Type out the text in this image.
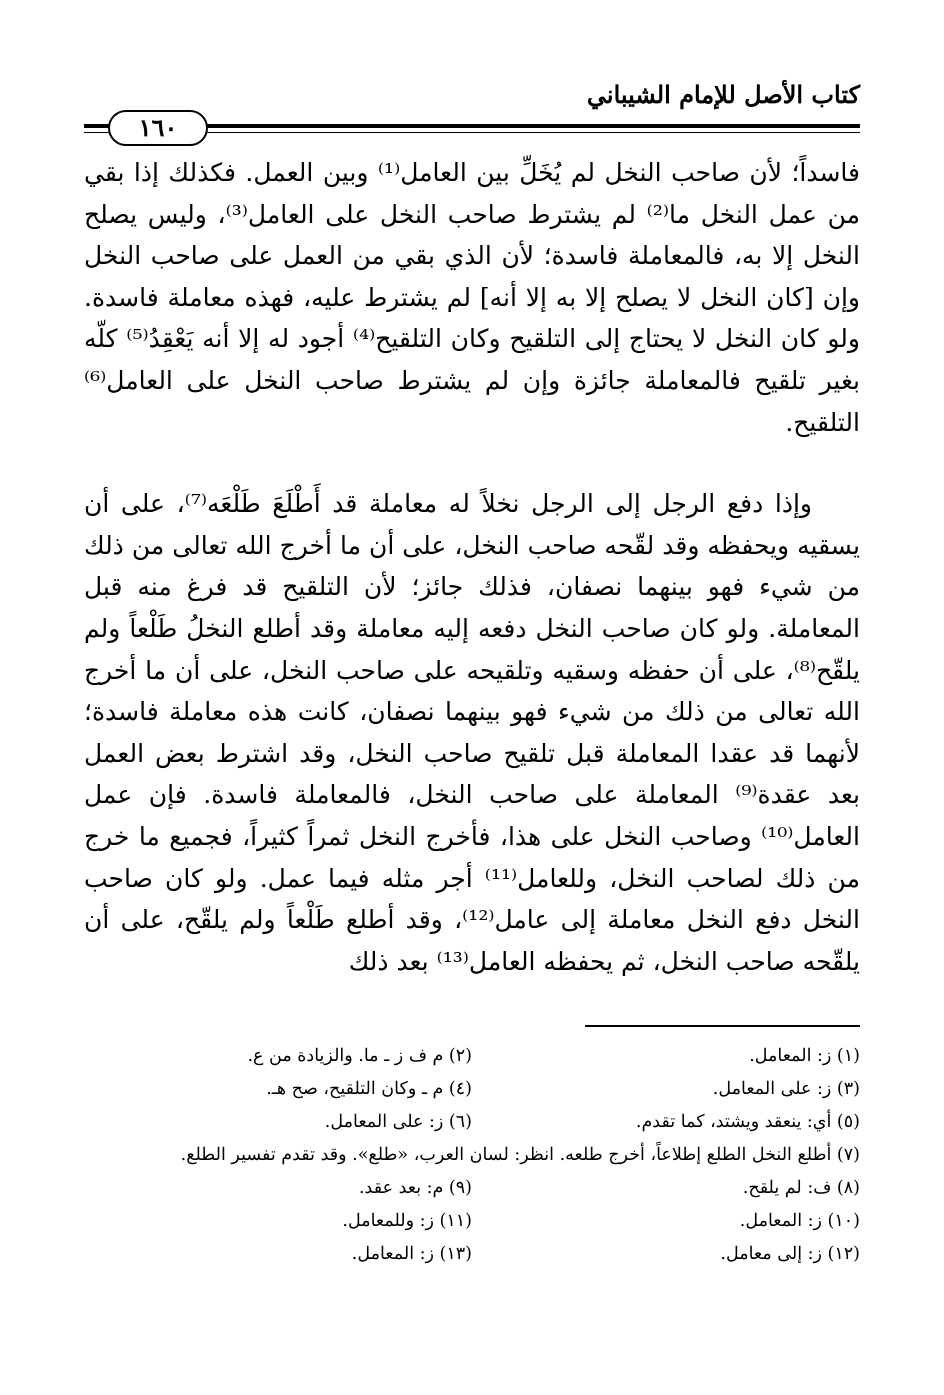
كتاب الأصل للإمام الشيباني
١٦٠

فاسداً؛ لأن صاحب النخل لم يُخَلِّ بين العامل⁽¹⁾ وبين العمل. فكذلك إذا بقي من عمل النخل ما⁽²⁾ لم يشترط صاحب النخل على العامل⁽³⁾، وليس يصلح النخل إلا به، فالمعاملة فاسدة؛ لأن الذي بقي من العمل على صاحب النخل وإن [كان النخل لا يصلح إلا به إلا أنه] لم يشترط عليه، فهذه معاملة فاسدة. ولو كان النخل لا يحتاج إلى التلقيح وكان التلقيح⁽⁴⁾ أجود له إلا أنه يَعْقِدُ⁽⁵⁾ كلّه بغير تلقيح فالمعاملة جائزة وإن لم يشترط صاحب النخل على العامل⁽⁶⁾ التلقيح.

وإذا دفع الرجل إلى الرجل نخلاً له معاملة قد أَطْلَعَ طَلْعَه⁽⁷⁾، على أن يسقيه ويحفظه وقد لقّحه صاحب النخل، على أن ما أخرج الله تعالى من ذلك من شيء فهو بينهما نصفان، فذلك جائز؛ لأن التلقيح قد فرغ منه قبل المعاملة. ولو كان صاحب النخل دفعه إليه معاملة وقد أطلع النخلُ طَلْعاً ولم يلقّح⁽⁸⁾، على أن حفظه وسقيه وتلقيحه على صاحب النخل، على أن ما أخرج الله تعالى من ذلك من شيء فهو بينهما نصفان، كانت هذه معاملة فاسدة؛ لأنهما قد عقدا المعاملة قبل تلقيح صاحب النخل، وقد اشترط بعض العمل بعد عقدة⁽⁹⁾ المعاملة على صاحب النخل، فالمعاملة فاسدة. فإن عمل العامل⁽¹⁰⁾ وصاحب النخل على هذا، فأخرج النخل ثمراً كثيراً، فجميع ما خرج من ذلك لصاحب النخل، وللعامل⁽¹¹⁾ أجر مثله فيما عمل. ولو كان صاحب النخل دفع النخل معاملة إلى عامل⁽¹²⁾، وقد أطلع طَلْعاً ولم يلقّح، على أن يلقّحه صاحب النخل، ثم يحفظه العامل⁽¹³⁾ بعد ذلك

(١) ز: المعامل.
(٢) م ف ز ـ ما. والزيادة من ع.
(٣) ز: على المعامل.
(٤) م ـ وكان التلقيح، صح هـ.
(٥) أي: ينعقد ويشتد، كما تقدم.
(٦) ز: على المعامل.
(٧) أطلع النخل الطلع إطلاعاً، أخرج طلعه. انظر: لسان العرب، «طلع». وقد تقدم تفسير الطلع.
(٨) ف: لم يلقح.
(٩) م: بعد عقد.
(١٠) ز: المعامل.
(١١) ز: وللمعامل.
(١٢) ز: إلى معامل.
(١٣) ز: المعامل.
